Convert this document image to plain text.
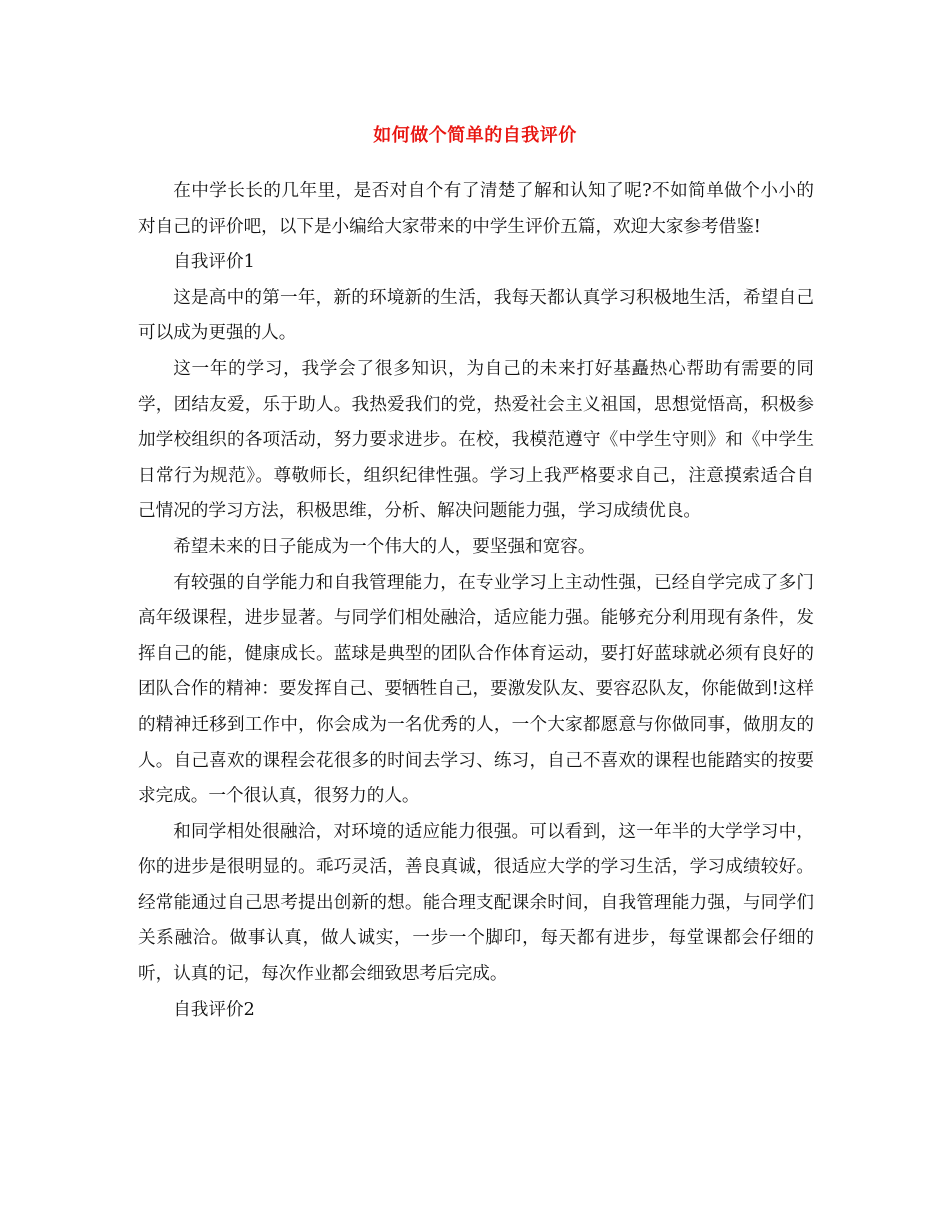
如何做个简单的自我评价

在中学长长的几年里，是否对自个有了清楚了解和认知了呢?不如简单做个小小的对自己的评价吧，以下是小编给大家带来的中学生评价五篇，欢迎大家参考借鉴!

自我评价1

这是高中的第一年，新的环境新的生活，我每天都认真学习积极地生活，希望自己可以成为更强的人。

这一年的学习，我学会了很多知识，为自己的未来打好基矗热心帮助有需要的同学，团结友爱，乐于助人。我热爱我们的党，热爱社会主义祖国，思想觉悟高，积极参加学校组织的各项活动，努力要求进步。在校，我模范遵守《中学生守则》和《中学生日常行为规范》。尊敬师长，组织纪律性强。学习上我严格要求自己，注意摸索适合自己情况的学习方法，积极思维，分析、解决问题能力强，学习成绩优良。

希望未来的日子能成为一个伟大的人，要坚强和宽容。

有较强的自学能力和自我管理能力，在专业学习上主动性强，已经自学完成了多门高年级课程，进步显著。与同学们相处融洽，适应能力强。能够充分利用现有条件，发挥自己的能，健康成长。蓝球是典型的团队合作体育运动，要打好蓝球就必须有良好的团队合作的精神：要发挥自己、要牺牲自己，要激发队友、要容忍队友，你能做到!这样的精神迁移到工作中，你会成为一名优秀的人，一个大家都愿意与你做同事，做朋友的人。自己喜欢的课程会花很多的时间去学习、练习，自己不喜欢的课程也能踏实的按要求完成。一个很认真，很努力的人。

和同学相处很融洽，对环境的适应能力很强。可以看到，这一年半的大学学习中，你的进步是很明显的。乖巧灵活，善良真诚，很适应大学的学习生活，学习成绩较好。经常能通过自己思考提出创新的想。能合理支配课余时间，自我管理能力强，与同学们关系融洽。做事认真，做人诚实，一步一个脚印，每天都有进步，每堂课都会仔细的听，认真的记，每次作业都会细致思考后完成。

自我评价2
